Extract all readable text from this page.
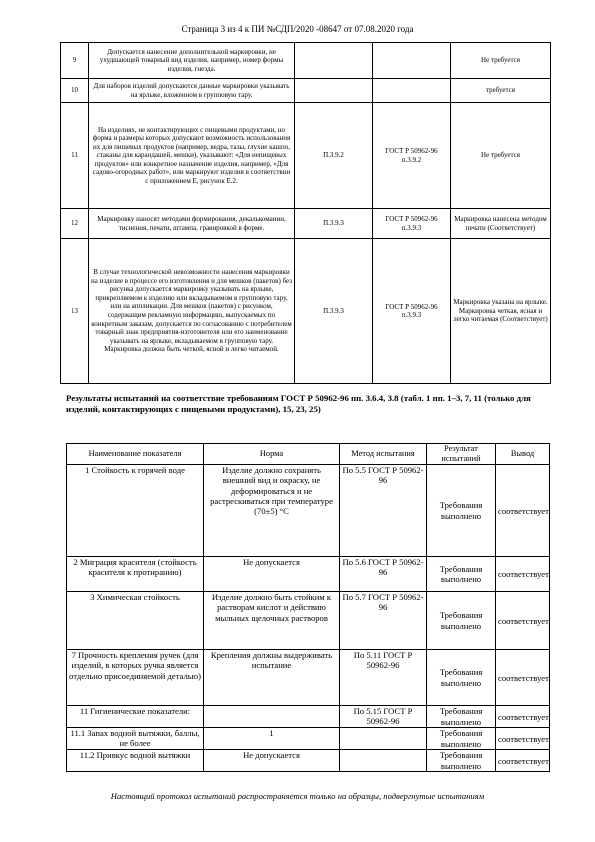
Страница 3 из 4 к ПИ №СДП/2020 -08647 от 07.08.2020 года
9	Допускается нанесение дополнительной маркировки, не ухудшающей товарный вид изделия, например, номер формы изделия, гнезда.			Не требуется
10	Для наборов изделий допускаются данные маркировки указывать на ярлыке, вложенном в групповую тару.			требуется
11	На изделиях, не контактирующих с пищевыми продуктами, но форма и размеры которых допускают возможность использования их для пищевых продуктов (например, ведра, тазы, глухие кашпо, стаканы для карандашей, мешки), указывают: «Для непищевых продуктов» или конкретное назначение изделия, например, «Для садово-огородных работ», или маркируют изделия в соответствии с приложением Е, рисунок Е.2.	П.3.9.2	ГОСТ Р 50962-96 п.3.9.2	Не требуется
12	Маркировку наносят методами формирования, декалькомании, тиснения, печати, штампа, гравировкой в форме.	П.3.9.3	ГОСТ Р 50962-96 п.3.9.3	Маркировка нанесена методом печати (Соответствует)
13	В случае технологической невозможности нанесения маркировки на изделие в процессе его изготовления и для мешков (пакетов) без рисунка допускается маркировку указывать на ярлыке, прикрепляемом к изделию или вкладываемом в групповую тару, или на аппликации. Для мешков (пакетов) с рисунком, содержащим рекламную информацию, выпускаемых по конкретным заказам, допускается по согласованию с потребителем товарный знак предприятия-изготовителя или его наименование указывать на ярлыке, вкладываемом в групповую тару. Маркировка должна быть четкой, ясной и легко читаемой.	П.3.9.3	ГОСТ Р 50962-96 п.3.9.3	Маркировка указана на ярлыке. Маркировка четкая, ясная и легко читаемая (Соответствует)
Результаты испытаний на соответствие требованиям ГОСТ Р 50962-96 пп. 3.6.4, 3.8 (табл. 1 пп. 1–3, 7, 11 (только для изделий, контактирующих с пищевыми продуктами), 15, 23, 25)
Наименование показателя	Норма	Метод испытания	Результат испытаний	Вывод
1 Стойкость к горячей воде	Изделие должно сохранять внешний вид и окраску, не деформироваться и не растрескиваться при температуре (70±5) °С	По 5.5 ГОСТ Р 50962-96	Требования выполнено	соответствует
2 Миграция красителя (стойкость красителя к протиранию)	Не допускается	По 5.6 ГОСТ Р 50962-96	Требования выполнено	соответствует
3 Химическая стойкость	Изделие должно быть стойким к растворам кислот и действию мыльных щелочных растворов	По 5.7 ГОСТ Р 50962-96	Требования выполнено	соответствует
7 Прочность крепления ручек (для изделий, в которых ручка является отдельно присоединяемой деталью)	Крепления должны выдерживать испытание	По 5.11 ГОСТ Р 50962-96	Требования выполнено	соответствует
11 Гигиенические показатели:		По 5.15 ГОСТ Р 50962-96	Требования выполнено	соответствует
11.1 Запах водной вытяжки, баллы, не более	1		Требования выполнено	соответствует
11.2 Привкус водной вытяжки	Не допускается		Требования выполнено	соответствует
Настоящий протокол испытаний распространяется только на образцы, подвергнутые испытаниям
